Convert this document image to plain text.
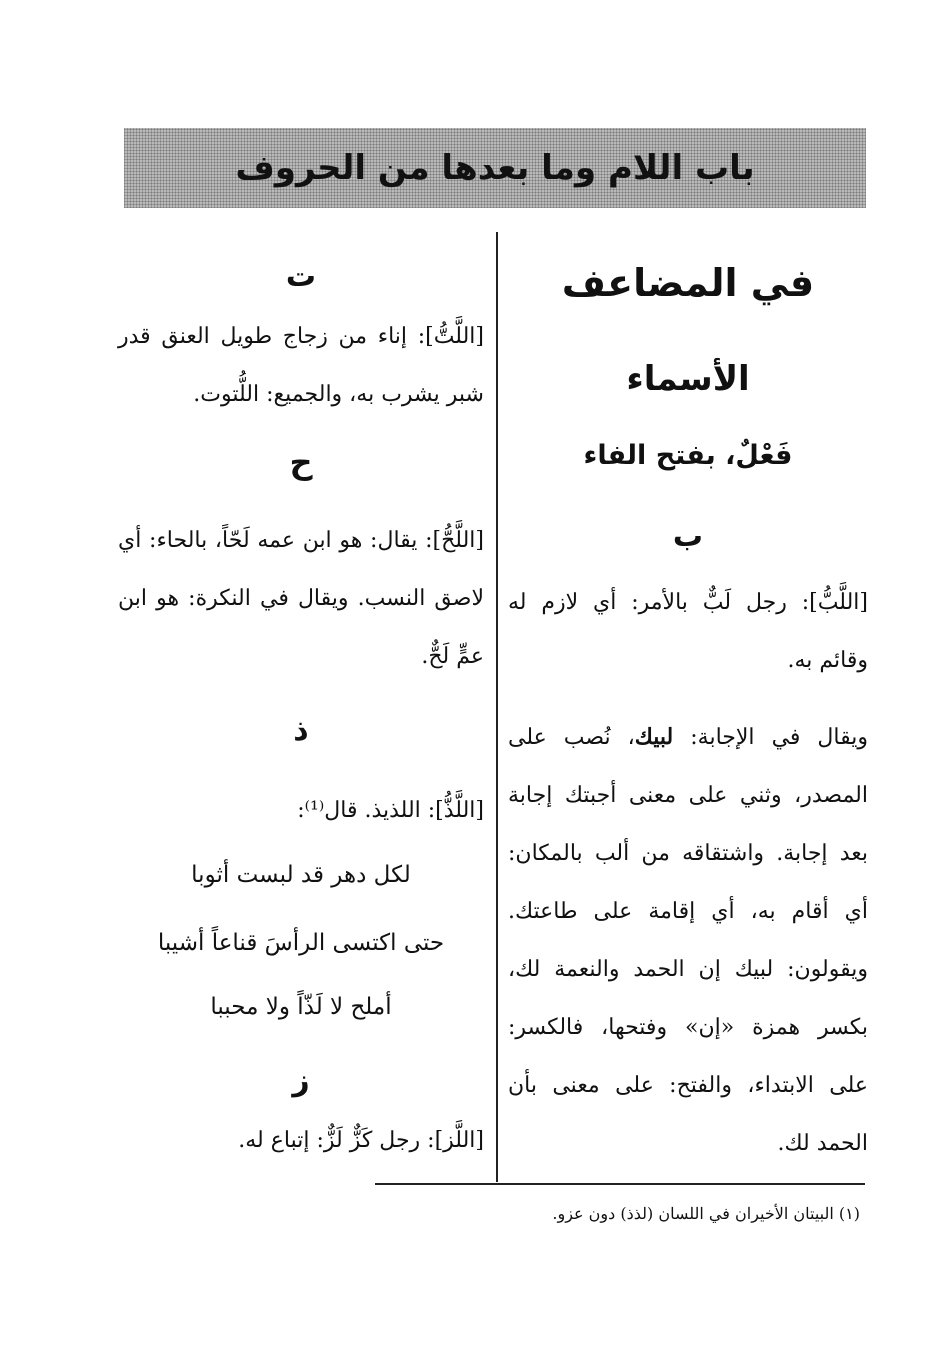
باب اللام وما بعدها من الحروف
في المضاعف
الأسماء
فَعْلٌ، بفتح الفاء
ب

[اللَّبُّ]: رجل لَبٌّ بالأمر: أي لازم له وقائم به.

ويقال في الإجابة: لبيك، نُصب على المصدر، وثني على معنى أجبتك إجابة بعد إجابة. واشتقاقه من ألب بالمكان: أي أقام به، أي إقامة على طاعتك. ويقولون: لبيك إن الحمد والنعمة لك، بكسر همزة «إن» وفتحها، فالكسر: على الابتداء، والفتح: على معنى بأن الحمد لك.

ت

[اللَّتُّ]: إناء من زجاج طويل العنق قدر شبر يشرب به، والجميع: اللُّتوت.

ح

[اللَّحُّ]: يقال: هو ابن عمه لَحّاً، بالحاء: أي لاصق النسب. ويقال في النكرة: هو ابن عمٍّ لَحٌّ.

ذ

[اللَّذُّ]: اللذيذ. قال⁽¹⁾:

لكل دهر قد لبست أثوبا
حتى اكتسى الرأسَ قناعاً أشيبا
أملح لا لَذّاً ولا محببا
ز

[اللَّز]: رجل كَزٌّ لَزٌّ: إتباع له.

(١) البيتان الأخيران في اللسان (لذذ) دون عزو.
